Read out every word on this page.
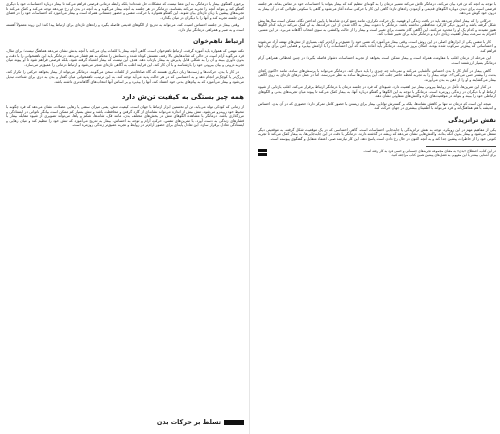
برخوردِ گفتگوی بیمار با درمانگر، به این معنا نیست که مشکلات حل شده‌اند؛ بلکه رابطه درمانی فرصتی فراهم می‌کند تا بیمار درباره احساسات خود با دیگری گفتگو کند و بتواند آنچه را تجربه می‌کند بشناسد. درمانگر در هر جلسه به آنچه بیمار می‌گوید و به آنچه در بدن او رخ می‌دهد توجه می‌کند و کمک می‌کند تا تجربه‌های پیشین با زبان تازه‌ای بیان شوند. این گفتگو همواره با حرکت، تنفس و حضور جسمانی همراه است و بیمار می‌آموزد که احساسات خود را در فضای امن جلسه تجربه کند و آنها را با دیگران در میان بگذارد.

وقتی بیمار در جلسه احساس امنیت کند، می‌تواند به تدریج از الگوهای قدیمی فاصله بگیرد و راه‌های تازه‌ای برای ارتباط پیدا کند؛ این روند معمولاً آهسته است و به صبر و همراهی درمانگر نیاز دارد.

ارتباط ناهم‌خوان

نکته مهمی که همواره باید آموزه گرفت، ارتباطِ ناهم‌خوان است. گاهی آنچه بیمار با کلمات بیان می‌کند با آنچه بدنش نشان می‌دهد هماهنگ نیست؛ برای مثال، فرد می‌گوید آرام است در حالی که شانه‌هایش بالا رفته، نفسش کوتاه شده و دستانش را محکم به هم فشار می‌دهد. درمانگر باید این ناهمخوانی را با دقت و بدون داوری ببیند و آن را به شکلی قابل پذیرش به بیمار بازتاب دهد. هدف این نیست که بیمار اشتباه گرفته شود، بلکه فرصتی فراهم شود تا او پیوند میان تجربه درونی و بیان بیرونی خود را بازشناسد و با آن کار کند. این فرایند اغلب به آگاهی تازه‌ای منجر می‌شود و ارتباط درمانی را عمیق‌تر می‌سازد.

در کار با بدن، حرکت‌ها و ژست‌ها زبان دیگری هستند که گاه صادقانه‌تر از کلمات سخن می‌گویند. درمانگر می‌تواند از بیمار بخواهد حرکتی را تکرار کند، بزرگ‌تر یا کوچک‌تر انجام دهد و به احساسی که در هر حالت پدید می‌آید توجه کند. به این ترتیب، ناهمخوانی میان گفتار و بدن به دری برای شناخت تبدیل می‌شود و بیمار می‌آموزد که به پیام‌های بدنی خود اعتماد کند، آنها را بپذیرد و بر اساس آنها انتخاب‌های آگاهانه‌تری داشته باشد.

همه چیز بستگی به کیفیت تن‌ش دارد

از زمانی که کودکی تولد می‌یابد، تن او نخستین ابزار ارتباط با جهان است. کیفیت تنش، یعنی میزان سفتی یا رهایی عضلات، نشان می‌دهد که فرد چگونه با محیط خود روبه‌رو می‌شود. تنش بیش از اندازه می‌تواند نشانه‌ای از گارد گرفتن و محافظت باشد و تنش بسیار کم ممکن است بیانگر ناتوانی در ایستادگی و مرزگذاری باشد. درمانگر با مشاهده الگوهای تنش در بخش‌های مختلف بدن، مانند فک، شانه‌ها، شکم و پاها، می‌تواند تصویری از شیوه مقابله بیمار با فشارهای زندگی به دست آورد. با تمرین‌های تنفس، حرکت آرام و توجه به احساس، بیمار به تدریج می‌آموزد که تنش خود را تنظیم کند و میان رهایی و ایستادگی تعادل برقرار سازد. این تعادل پایه‌ای برای حضور آرام‌تر در روابط و تجربه عمیق‌تر زندگی روزمره است.

تسلط بر حرکات بدن

با توجه به آنچه که تن فرد بیان می‌کند، درمانگر تلاش می‌کند مسیر درمان را به گونه‌ای تنظیم کند که بیمار بتواند با احساسات خود در تماس بماند. هر جلسه فرصتی است برای دیدن دوباره الگوهای قدیمی و آزمودن راه‌های تازه؛ گاهی این کار با حرکتی ساده آغاز می‌شود و گاهی با سکوتی طولانی که در آن بیمار به درون خود گوش می‌دهد.

حرکاتی را که بیمار انجام می‌دهد باید در بافت زندگی او فهمید. یک حرکت تکراری، مانند جمع کردن شانه‌ها یا پایین انداختن نگاه، ممکن است سال‌ها پیش شکل گرفته باشد و امروز دیگر کارکرد محافظتی نداشته باشد. درمانگر با دعوت بیمار به آگاه شدن از این حرکت‌ها، به او کمک می‌کند دریابد کدام الگوها هنوز مفیدند و کدام یک او را محدود می‌کنند. این آگاهی گام نخست برای تغییر است و بیمار را از حالت واکنشی به سوی انتخاب آگاهانه می‌برد. در این مسیر، احترام به سرعت بیمار اهمیت زیادی دارد و درمانگر نباید برای تغییر شتاب کند.

کار با تنفس یکی از ابزارهای اصلی در این روش است. وقتی بیمار می‌آموزد که نفس خود را عمیق‌تر و آرام‌تر کند، بسیاری از تنش‌های نهفته آزاد می‌شوند و احساساتی که پیش‌تر سرکوب شده بودند، امکان بروز می‌یابند. درمانگر باید آماده باشد که این احساسات را با آرامش بپذیرد و فضایی امن برای بیان آنها فراهم کند.

این مرحله از درمان اغلب با مقاومت همراه است و بیمار ممکن است بخواهد از تجربه احساسات دشوار فاصله بگیرد؛ در چنین لحظاتی همراهی آرام درمانگر بسیار ارزشمند است.

گاهی بیمار در آغاز کار با بدن احساس ناآشنایی می‌کند و نمی‌داند چه چیزی را باید دنبال کند. درمانگر می‌تواند با پرسش‌های ساده، مانند «اکنون کجای بدنت را بیشتر حس می‌کنی؟»، توجه بیمار را به تجربه لحظه حاضر جلب کند. این پرسش‌ها ساده به نظر می‌رسند، اما در عمل درهای تازه‌ای به روی آگاهی بیمار می‌گشایند و او را از ذهن به بدن می‌آورند.

در کنار این تمرین‌ها، تأمل در روابط بیرونی بیمار نیز اهمیت دارد. شیوه‌ای که فرد در جلسه درمان با درمانگر ارتباط برقرار می‌کند، اغلب بازتابی از شیوه ارتباط او با دیگران در زندگی روزمره است. درمانگر با توجه به این الگوها و گفتگو درباره آنها، به بیمار کمک می‌کند تا پیوند میان تجربه‌های بدنی و الگوهای ارتباطی خود را ببیند و بتواند در موقعیت‌های تازه واکنش‌های متفاوتی نشان دهد.

نتیجه این است که درمان نه تنها بر کاهش نشانه‌ها، بلکه بر گسترش توانایی بیمار برای زیستن با حضور کامل تمرکز دارد؛ حضوری که در آن بدن، احساس و اندیشه با هم هماهنگ‌اند و فرد می‌تواند با اطمینان بیشتری در جهان حرکت کند.

نقش ترانزیدگی

یکی از مفاهیم مهم در این رویکرد، توجه به نقش ترانزیدگی یا جابه‌جایی احساسات است. گاهی احساسی که در یک موقعیت شکل گرفته، به موقعیتی دیگر منتقل می‌شود و بیمار بدون آنکه بداند، واکنش‌هایی نشان می‌دهد که ریشه در گذشته دارند. درمانگر با دقت در این جابه‌جایی‌ها، به بیمار کمک می‌کند تا تجربه کنونی خود را از خاطرات پیشین جدا کند و به آنچه اکنون در حال رخ دادن است پاسخ دهد. این کار نیازمند صبر، اعتماد متقابل و گفتگوی پیوسته است.

در این کتاب، اصطلاح «بدن» به معنای مجموعه تجربه‌های جسمانی و حسی فرد به کار رفته است.

برای آشنایی بیشتر با این مفهوم، به فصل‌های پیشین همین کتاب مراجعه کنید.
